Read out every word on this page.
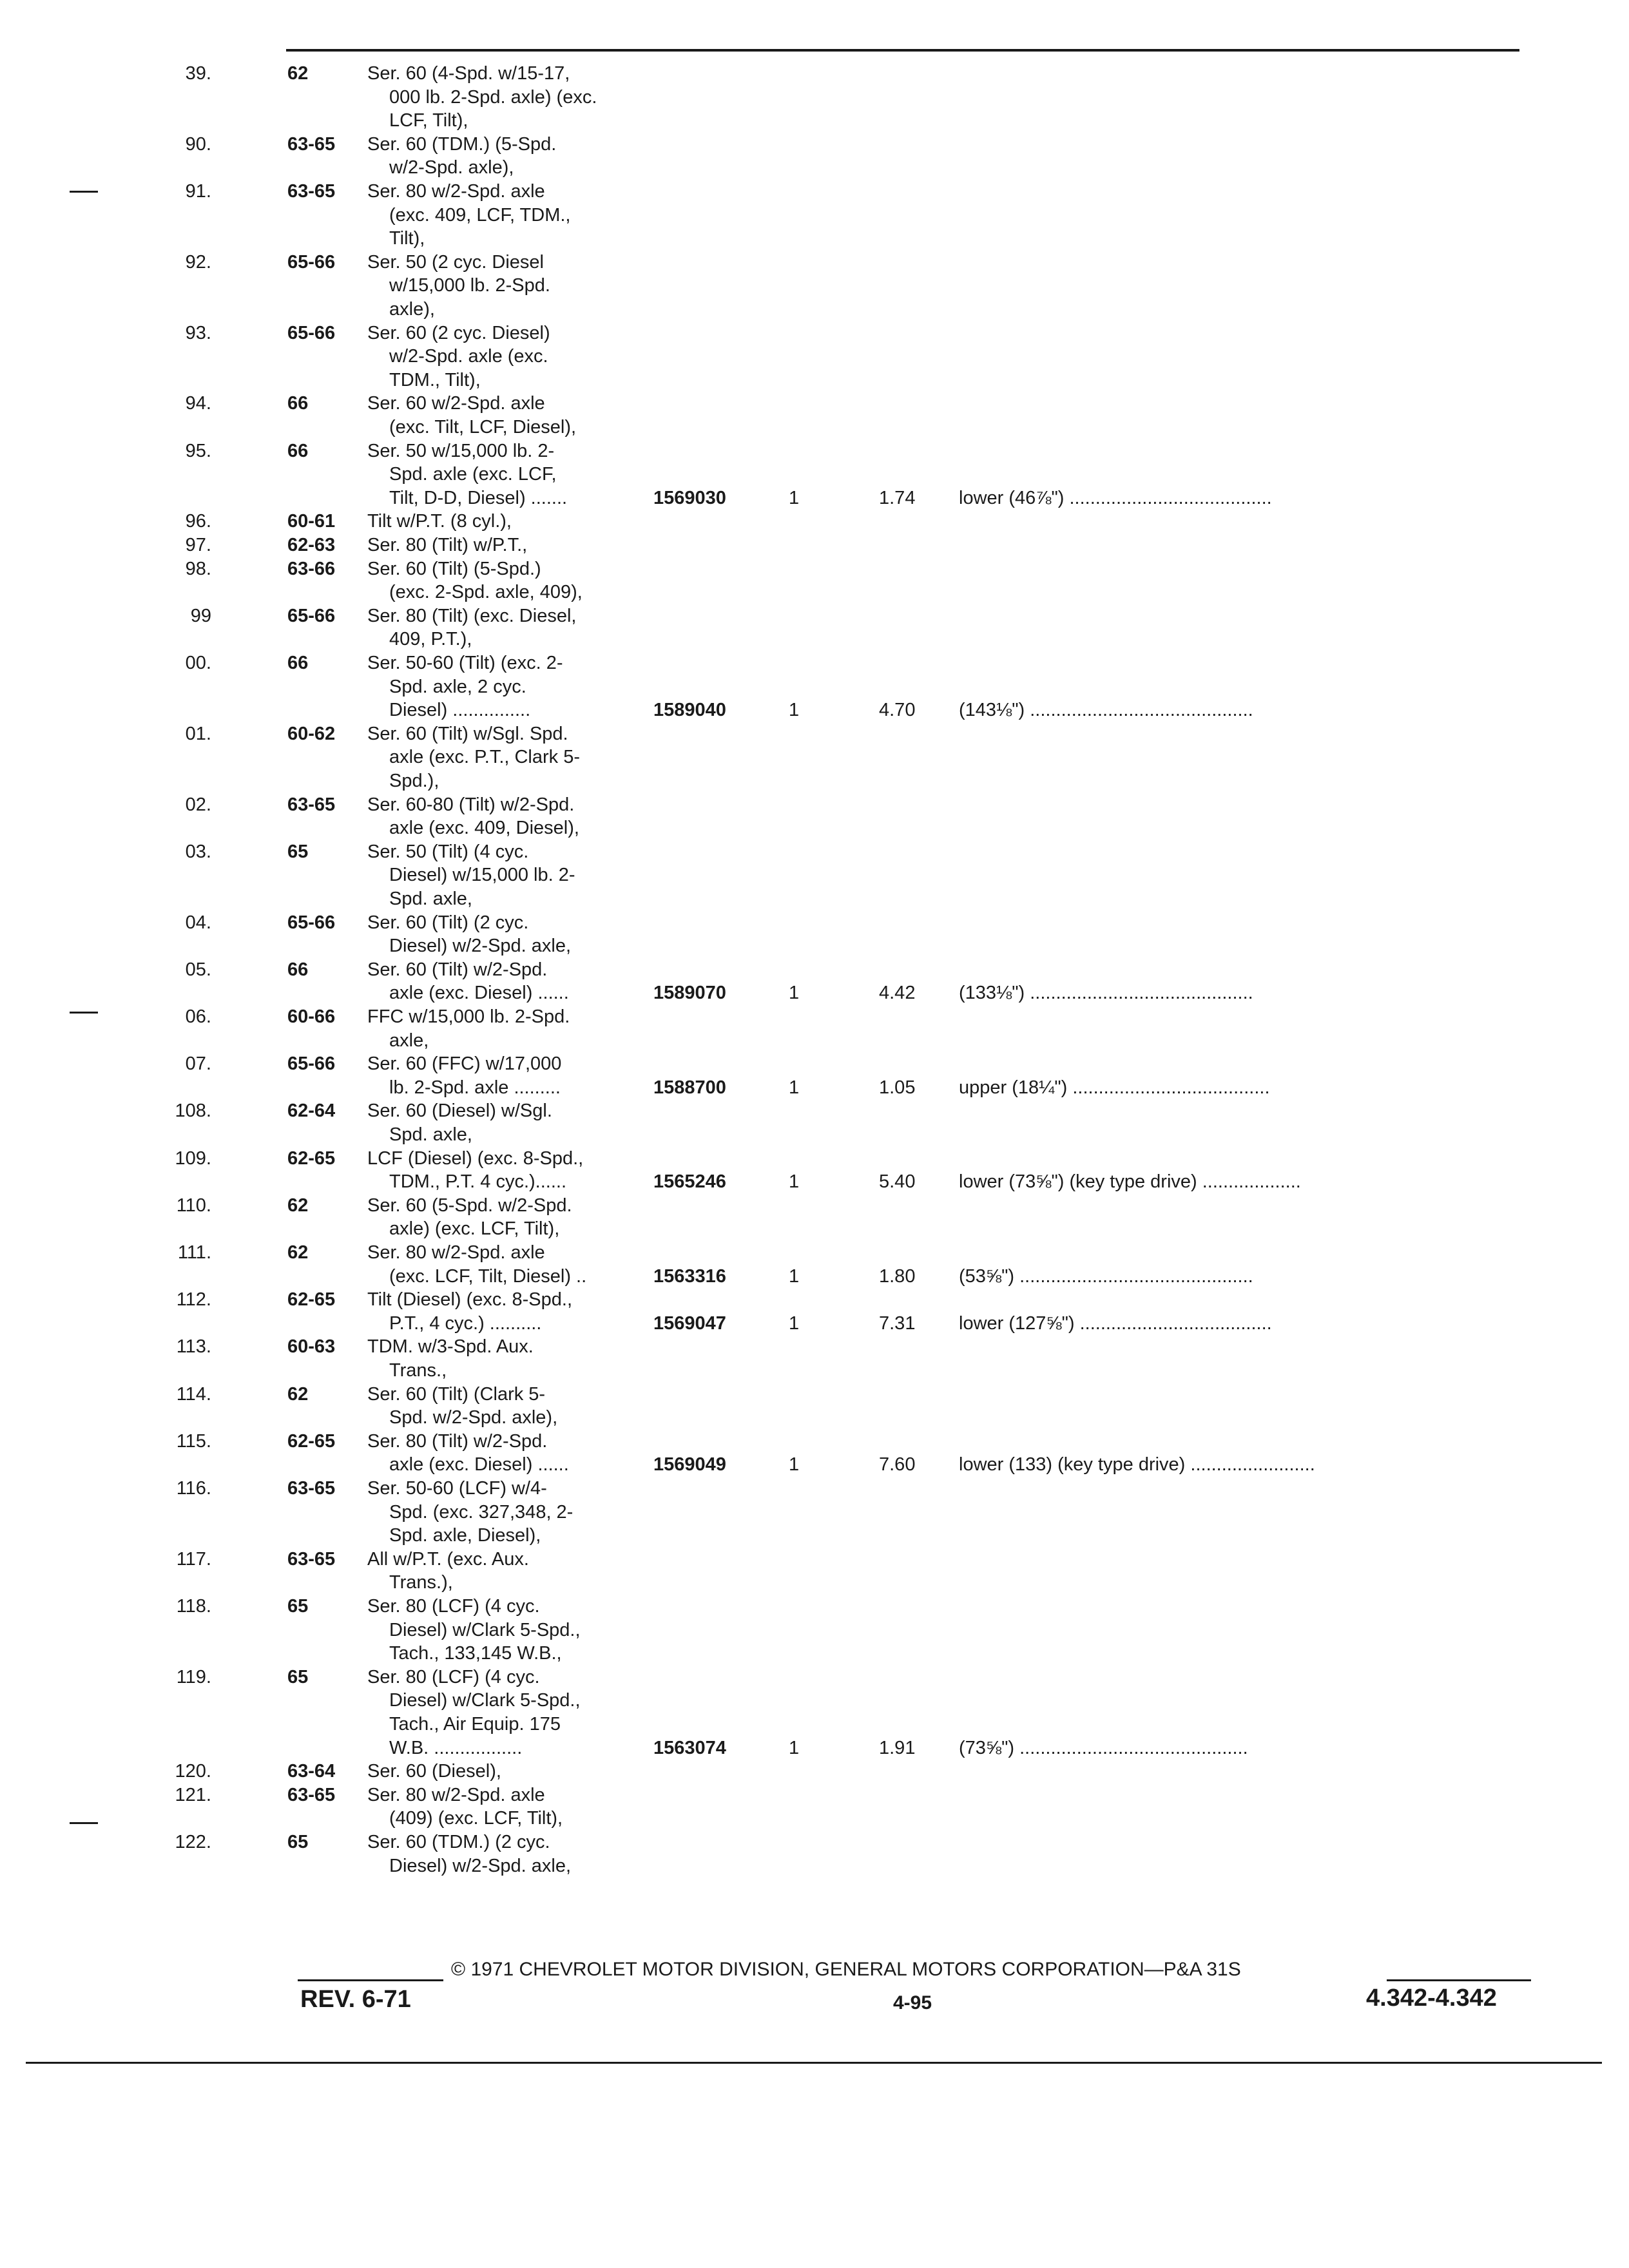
39.	62	Ser. 60 (4-Spd. w/15-17,
000 lb. 2-Spd. axle) (exc.
LCF, Tilt),
90.	63-65 Ser. 60 (TDM.) (5-Spd.
w/2-Spd. axle),
91.	63-65 Ser. 80 w/2-Spd. axle
(exc. 409, LCF, TDM.,
Tilt),
92.	65-66 Ser. 50 (2 cyc. Diesel
w/15,000 lb. 2-Spd.
axle),
93.	65-66 Ser. 60 (2 cyc. Diesel)
w/2-Spd. axle (exc.
TDM., Tilt),
94.	66	Ser. 60 w/2-Spd. axle
(exc. Tilt, LCF, Diesel),
95.	66	Ser. 50 w/15,000 lb. 2-
Spd. axle (exc. LCF,
Tilt, D-D, Diesel) .......	1569030	1	1.74 lower (46⅞") .......................................
96.	60-61 Tilt w/P.T. (8 cyl.),
97.	62-63 Ser. 80 (Tilt) w/P.T.,
98.	63-66 Ser. 60 (Tilt) (5-Spd.)
(exc. 2-Spd. axle, 409),
99	65-66 Ser. 80 (Tilt) (exc. Diesel,
409, P.T.),
00.	66	Ser. 50-60 (Tilt) (exc. 2-
Spd. axle, 2 cyc.
Diesel) ...............	1589040	1	4.70 (143⅛") ...........................................
01.	60-62 Ser. 60 (Tilt) w/Sgl. Spd.
axle (exc. P.T., Clark 5-
Spd.),
02.	63-65 Ser. 60-80 (Tilt) w/2-Spd.
axle (exc. 409, Diesel),
03.	65	Ser. 50 (Tilt) (4 cyc.
Diesel) w/15,000 lb. 2-
Spd. axle,
04.	65-66 Ser. 60 (Tilt) (2 cyc.
Diesel) w/2-Spd. axle,
05.	66	Ser. 60 (Tilt) w/2-Spd.
axle (exc. Diesel) ......	1589070	1	4.42 (133⅛") ...........................................
06.	60-66 FFC w/15,000 lb. 2-Spd.
axle,
07.	65-66 Ser. 60 (FFC) w/17,000
lb. 2-Spd. axle .........	1588700	1	1.05 upper (18¼") ......................................
108.	62-64 Ser. 60 (Diesel) w/Sgl.
Spd. axle,
109.	62-65 LCF (Diesel) (exc. 8-Spd.,
TDM., P.T. 4 cyc.)......	1565246	1	5.40 lower (73⅝") (key type drive) ...................
110.	62	Ser. 60 (5-Spd. w/2-Spd.
axle) (exc. LCF, Tilt),
111.	62	Ser. 80 w/2-Spd. axle
(exc. LCF, Tilt, Diesel) ..	1563316	1	1.80 (53⅝") .............................................
112.	62-65 Tilt (Diesel) (exc. 8-Spd.,
P.T., 4 cyc.) ..........	1569047	1	7.31 lower (127⅝") .....................................
113.	60-63 TDM. w/3-Spd. Aux.
Trans.,
114.	62	Ser. 60 (Tilt) (Clark 5-
Spd. w/2-Spd. axle),
115.	62-65 Ser. 80 (Tilt) w/2-Spd.
axle (exc. Diesel) ......	1569049	1	7.60 lower (133) (key type drive) ........................
116.	63-65 Ser. 50-60 (LCF) w/4-
Spd. (exc. 327,348, 2-
Spd. axle, Diesel),
117.	63-65 All w/P.T. (exc. Aux.
Trans.),
118.	65	Ser. 80 (LCF) (4 cyc.
Diesel) w/Clark 5-Spd.,
Tach., 133,145 W.B.,
119.	65	Ser. 80 (LCF) (4 cyc.
Diesel) w/Clark 5-Spd.,
Tach., Air Equip. 175
W.B. .................	1563074	1	1.91 (73⅝") ............................................
120.	63-64 Ser. 60 (Diesel),
121.	63-65 Ser. 80 w/2-Spd. axle
(409) (exc. LCF, Tilt),
122.	65	Ser. 60 (TDM.) (2 cyc.
Diesel) w/2-Spd. axle,
© 1971 CHEVROLET MOTOR DIVISION, GENERAL MOTORS CORPORATION—P&A 31S
REV. 6-71	4-95	4.342-4.342
